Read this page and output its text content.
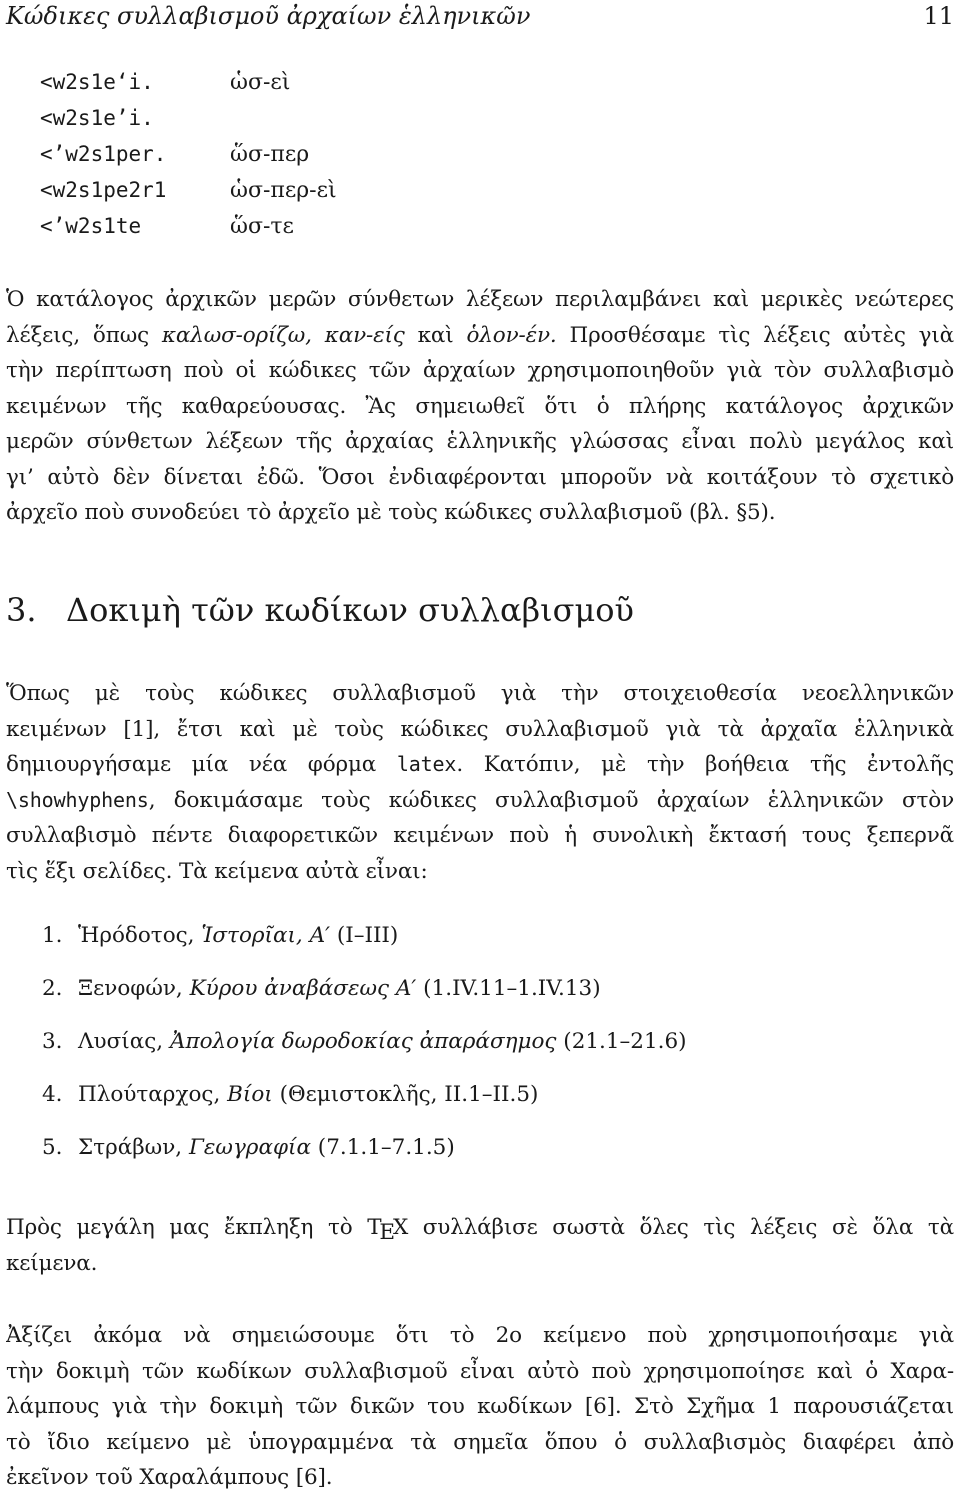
Κώδικες συλλαβισμοῦ ἀρχαίων ἑλληνικῶν	11
<w2s1e‘i.	ὡσ-εὶ
<w2s1e’i.
<’w2s1per.	ὥσ-περ
<w2s1pe2r1	ὡσ-περ-εὶ
<’w2s1te	ὥσ-τε
Ὁ κατάλογος ἀρχικῶν μερῶν σύνθετων λέξεων περιλαμβάνει καὶ μερικὲς νεώτερες
λέξεις, ὅπως καλωσ-ορίζω, καν-είς καὶ ὁλον-έν. Προσθέσαμε τὶς λέξεις αὐτὲς γιὰ
τὴν περίπτωση ποὺ οἱ κώδικες τῶν ἀρχαίων χρησιμοποιηθοῦν γιὰ τὸν συλλαβισμὸ
κειμένων τῆς καθαρεύουσας. Ἂς σημειωθεῖ ὅτι ὁ πλήρης κατάλογος ἀρχικῶν
μερῶν σύνθετων λέξεων τῆς ἀρχαίας ἑλληνικῆς γλώσσας εἶναι πολὺ μεγάλος καὶ
γι’ αὐτὸ δὲν δίνεται ἐδῶ. Ὅσοι ἐνδιαφέρονται μποροῦν νὰ κοιτάξουν τὸ σχετικὸ
ἀρχεῖο ποὺ συνοδεύει τὸ ἀρχεῖο μὲ τοὺς κώδικες συλλαβισμοῦ (βλ. §5).
3. Δοκιμὴ τῶν κωδίκων συλλαβισμοῦ
Ὅπως μὲ τοὺς κώδικες συλλαβισμοῦ γιὰ τὴν στοιχειοθεσία νεοελληνικῶν
κειμένων [1], ἔτσι καὶ μὲ τοὺς κώδικες συλλαβισμοῦ γιὰ τὰ ἀρχαῖα ἑλληνικὰ
δημιουργήσαμε μία νέα φόρμα latex. Κατόπιν, μὲ τὴν βοήθεια τῆς ἐντολῆς
\showhyphens, δοκιμάσαμε τοὺς κώδικες συλλαβισμοῦ ἀρχαίων ἑλληνικῶν στὸν
συλλαβισμὸ πέντε διαφορετικῶν κειμένων ποὺ ἡ συνολικὴ ἔκτασή τους ξεπερνᾶ
τὶς ἕξι σελίδες. Τὰ κείμενα αὐτὰ εἶναι:
1. Ἡρόδοτος, Ἱστορῖαι, Α′ (I–III)
2. Ξενοφών, Κύρου ἀναβάσεως Α′ (1.IV.11–1.IV.13)
3. Λυσίας, Ἀπολογία δωροδοκίας ἀπαράσημος (21.1–21.6)
4. Πλούταρχος, Βίοι (Θεμιστοκλῆς, II.1–II.5)
5. Στράβων, Γεωγραφία (7.1.1–7.1.5)
Πρὸς μεγάλη μας ἔκπληξη τὸ TEX συλλάβισε σωστὰ ὅλες τὶς λέξεις σὲ ὅλα τὰ
κείμενα.
Ἀξίζει ἀκόμα νὰ σημειώσουμε ὅτι τὸ 2ο κείμενο ποὺ χρησιμοποιήσαμε γιὰ
τὴν δοκιμὴ τῶν κωδίκων συλλαβισμοῦ εἶναι αὐτὸ ποὺ χρησιμοποίησε καὶ ὁ Χαρα-
λάμπους γιὰ τὴν δοκιμὴ τῶν δικῶν του κωδίκων [6]. Στὸ Σχῆμα 1 παρουσιάζεται
τὸ ἴδιο κείμενο μὲ ὑπογραμμένα τὰ σημεῖα ὅπου ὁ συλλαβισμὸς διαφέρει ἀπὸ
ἐκεῖνον τοῦ Χαραλάμπους [6].
